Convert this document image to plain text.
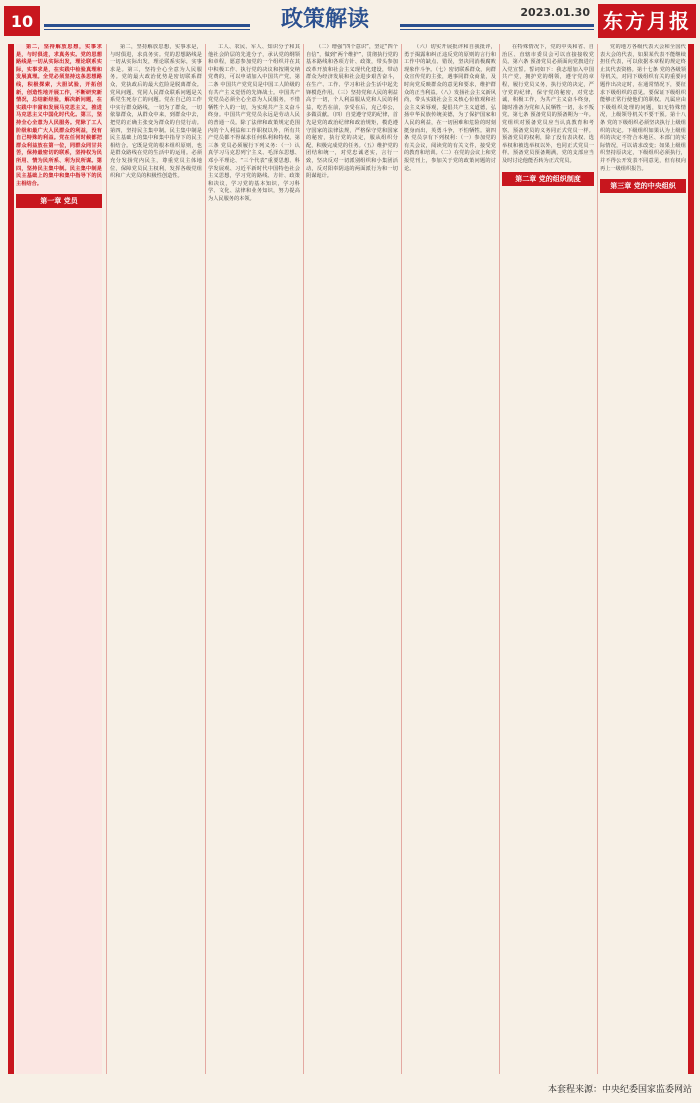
10	政策解读	2023.01.30 东方月报

第二，坚持解放思想，实事求是，与时俱进，求真务实。党的思想路线是一切从实际出发，理论联系实际，实事求是，在实践中检验真理和发展真理。全党必须坚持这条思想路线，积极探索，大胆试验，开拓创新，创造性地开展工作，不断研究新情况，总结新经验，解决新问题，在实践中丰富和发展马克思主义，推进马克思主义中国化时代化。第三，坚持全心全意为人民服务。党除了工人阶级和最广大人民群众的利益，没有自己特殊的利益。党在任何时候都把群众利益放在第一位，同群众同甘共苦，保持最密切的联系，坚持权为民所用、情为民所系、利为民所谋。第四，坚持民主集中制。民主集中制是民主基础上的集中和集中指导下的民主相结合。

第一章 党员

第二，坚持解放思想，实事求是，与时俱进，求真务实。党的思想路线是一切从实际出发，理论联系实际，实事求是。第三，坚持全心全意为人民服务。党的最大政治优势是密切联系群众，党执政后的最大危险是脱离群众。党风问题、党同人民群众联系问题是关系党生死存亡的问题。党在自己的工作中实行群众路线，一切为了群众，一切依靠群众，从群众中来，到群众中去，把党的正确主张变为群众的自觉行动。第四，坚持民主集中制。民主集中制是民主基础上的集中和集中指导下的民主相结合。它既是党的根本组织原则，也是群众路线在党的生活中的运用。必须充分发扬党内民主，尊重党员主体地位，保障党员民主权利，发挥各级党组织和广大党员的积极性创造性。

工人、农民、军人、知识分子和其他社会阶层的先进分子，承认党的纲领和章程，愿意参加党的一个组织并在其中积极工作、执行党的决议和按期交纳党费的，可以申请加入中国共产党。第二条 中国共产党党员是中国工人阶级的有共产主义觉悟的先锋战士。中国共产党党员必须全心全意为人民服务，不惜牺牲个人的一切，为实现共产主义奋斗终身。中国共产党党员永远是劳动人民的普通一员。除了法律和政策规定范围内的个人利益和工作职权以外，所有共产党员都不得谋求任何私利和特权。第三条 党员必须履行下列义务：（一）认真学习马克思列宁主义、毛泽东思想、邓小平理论、“三个代表”重要思想、科学发展观、习近平新时代中国特色社会主义思想，学习党的路线、方针、政策和决议，学习党的基本知识，学习科学、文化、法律和业务知识，努力提高为人民服务的本领。

（二）增强“四个意识”，坚定“四个自信”，做到“两个维护”，贯彻执行党的基本路线和各项方针、政策，带头参加改革开放和社会主义现代化建设，带动群众为经济发展和社会进步艰苦奋斗，在生产、工作、学习和社会生活中起先锋模范作用。（三）坚持党和人民的利益高于一切，个人利益服从党和人民的利益，吃苦在前，享受在后，克己奉公，多做贡献。（四）自觉遵守党的纪律，首先是党的政治纪律和政治规矩，模范遵守国家的法律法规，严格保守党和国家的秘密，执行党的决定，服从组织分配，积极完成党的任务。（五）维护党的团结和统一，对党忠诚老实，言行一致，坚决反对一切派别组织和小集团活动，反对阳奉阴违的两面派行为和一切阴谋诡计。

（六）切实开展批评和自我批评，勇于揭露和纠正违反党的原则的言行和工作中的缺点、错误，坚决同消极腐败现象作斗争。（七）密切联系群众，向群众宣传党的主张，遇事同群众商量，及时向党反映群众的意见和要求，维护群众的正当利益。（八）发扬社会主义新风尚，带头实践社会主义核心价值观和社会主义荣辱观，提倡共产主义道德，弘扬中华民族传统美德，为了保护国家和人民的利益，在一切困难和危险的时刻挺身而出，英勇斗争，不怕牺牲。第四条 党员享有下列权利：（一）参加党的有关会议，阅读党的有关文件，接受党的教育和培训。（二）在党的会议上和党报党刊上，参加关于党的政策问题的讨论。

在特殊情况下，党的中央和省、自治区、直辖市委员会可以直接接收党员。第六条 预备党员必须面向党旗进行入党宣誓。誓词如下：我志愿加入中国共产党，拥护党的纲领，遵守党的章程，履行党员义务，执行党的决定，严守党的纪律，保守党的秘密，对党忠诚，积极工作，为共产主义奋斗终身，随时准备为党和人民牺牲一切，永不叛党。第七条 预备党员的预备期为一年。党组织对预备党员应当认真教育和考察。预备党员的义务同正式党员一样。预备党员的权利，除了没有表决权、选举权和被选举权以外，也同正式党员一样。预备党员预备期满，党的支部应当及时讨论他能否转为正式党员。

第二章 党的组织制度

党的地方各级代表大会和全国代表大会的代表，如果某代表不能继续担任代表，可以依据本章程的规定终止其代表资格。第十七条 党的各级领导机关，对同下级组织有关的重要问题作出决定时，在通常情况下，要征求下级组织的意见。要保证下级组织能够正常行使他们的职权。凡属应由下级组织处理的问题，如无特殊情况，上级领导机关不要干预。第十八条 党的下级组织必须坚决执行上级组织的决定。下级组织如果认为上级组织的决定不符合本地区、本部门的实际情况，可以请求改变；如果上级组织坚持原决定，下级组织必须执行，并不得公开发表不同意见，但有权向再上一级组织报告。

第三章 党的中央组织
本套程来源：中央纪委国家监委网站
